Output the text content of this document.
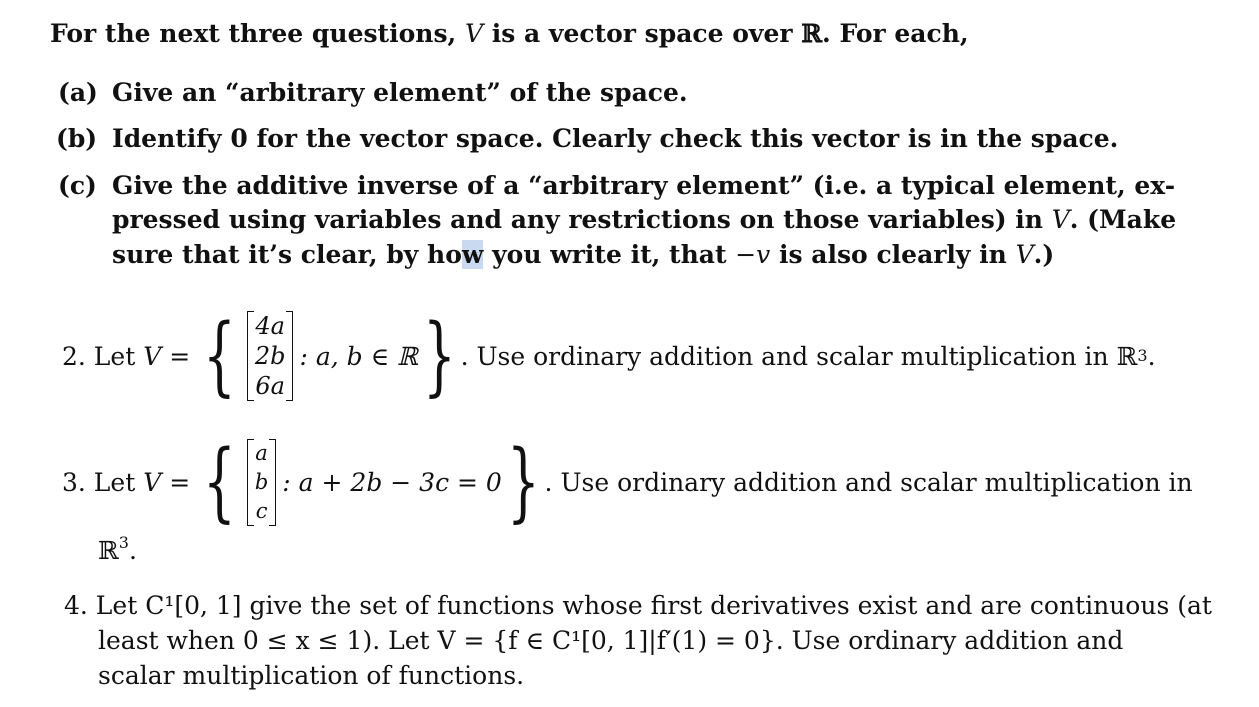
For the next three questions, V is a vector space over ℝ. For each,
(a) Give an “arbitrary element” of the space.
(b) Identify 0 for the vector space. Clearly check this vector is in the space.
(c) Give the additive inverse of a “arbitrary element” (i.e. a typical element, ex-
pressed using variables and any restrictions on those variables) in V. (Make
sure that it’s clear, by how you write it, that −v is also clearly in V.)
2. Let
V
=
{ 4a
2b
6a
: a, b ∈ ℝ } . Use ordinary addition and scalar multiplication in ℝ 3 .
3. Let
V
=
{ a
b
c
: a + 2b − 3c = 0 } . Use ordinary addition and scalar multiplication in
ℝ$^3$.
4. Let C¹[0, 1] give the set of functions whose first derivatives exist and are continuous (at
least when 0 ≤ x ≤ 1). Let V = {f ∈ C¹[0, 1]|f′(1) = 0}. Use ordinary addition and
scalar multiplication of functions.
